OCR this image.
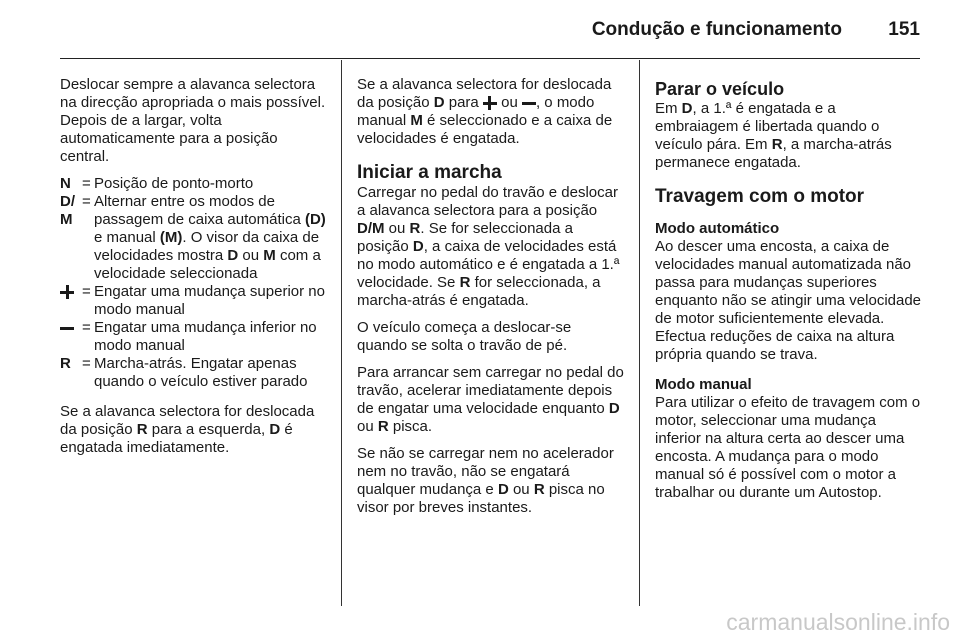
Condução e funcionamento 151

Deslocar sempre a alavanca selectora na direcção apropriada o mais possível. Depois de a largar, volta automaticamente para a posição central.

N = Posição de ponto-morto
D/ M
= Alternar entre os modos de passagem de caixa automática (D) e manual (M). O visor da caixa de velocidades mostra D ou M com a velocidade seleccionada
= Engatar uma mudança superior no modo manual
= Engatar uma mudança inferior no modo manual
R = Marcha-atrás. Engatar apenas quando o veículo estiver parado

Se a alavanca selectora for deslocada da posição R para a esquerda, D é engatada imediatamente.

Se a alavanca selectora for deslocada da posição D para  ou , o modo manual M é seleccionado e a caixa de velocidades é engatada.

Iniciar a marcha

Carregar no pedal do travão e deslocar a alavanca selectora para a posição D/M ou R. Se for seleccionada a posição D, a caixa de velocidades está no modo automático e é engatada a 1.ª velocidade. Se R for seleccionada, a marcha-atrás é engatada.

O veículo começa a deslocar-se quando se solta o travão de pé.

Para arrancar sem carregar no pedal do travão, acelerar imediatamente depois de engatar uma velocidade enquanto D ou R pisca.

Se não se carregar nem no acelerador nem no travão, não se engatará qualquer mudança e D ou R pisca no visor por breves instantes.

Parar o veículo

Em D, a 1.ª é engatada e a embraiagem é libertada quando o veículo pára. Em R, a marcha-atrás permanece engatada.

Travagem com o motor
Modo automático

Ao descer uma encosta, a caixa de velocidades manual automatizada não passa para mudanças superiores enquanto não se atingir uma velocidade de motor suficientemente elevada. Efectua reduções de caixa na altura própria quando se trava.

Modo manual

Para utilizar o efeito de travagem com o motor, seleccionar uma mudança inferior na altura certa ao descer uma encosta. A mudança para o modo manual só é possível com o motor a trabalhar ou durante um Autostop.

carmanualsonline.info
